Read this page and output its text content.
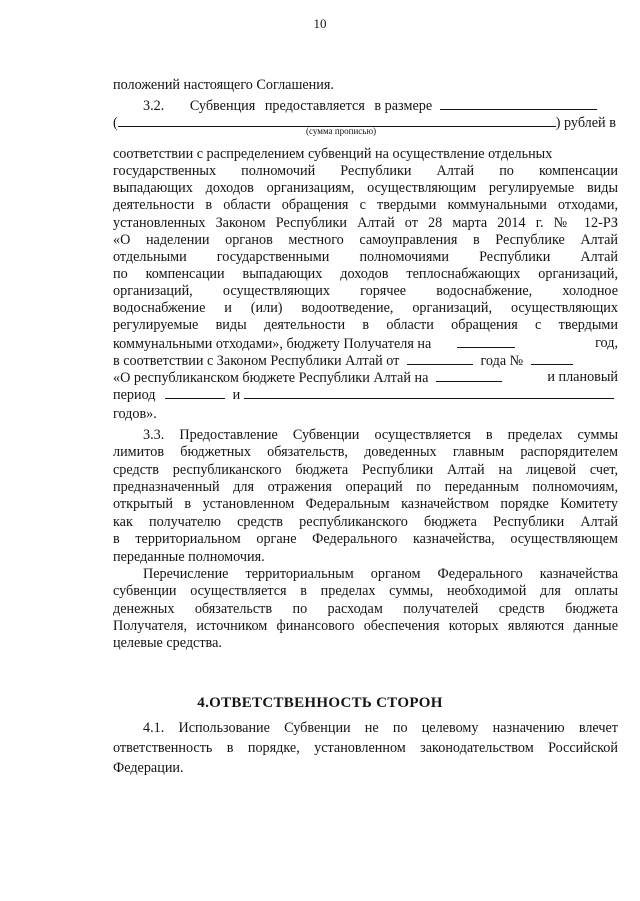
10
положений настоящего Соглашения.
3.2. Субвенция предоставляется в размере
(	) рублей в
(сумма прописью)
соответствии с распределением субвенций на осуществление отдельных
государственных полномочий Республики Алтай по компенсации
выпадающих доходов организациям, осуществляющим регулируемые виды
деятельности в области обращения с твердыми коммунальными отходами,
установленных Законом Республики Алтай от 28 марта 2014 г. № 12-РЗ
«О наделении органов местного самоуправления в Республике Алтай
отдельными государственными полномочиями Республики Алтай
по компенсации выпадающих доходов теплоснабжающих организаций,
организаций, осуществляющих горячее водоснабжение, холодное
водоснабжение и (или) водоотведение, организаций, осуществляющих
регулируемые виды деятельности в области обращения с твердыми
коммунальными отходами», бюджету Получателя на	год,
в соответствии с Законом Республики Алтай от	года №
«О республиканском бюджете Республики Алтай на	и плановый
период	и
годов».
3.3. Предоставление Субвенции осуществляется в пределах суммы
лимитов бюджетных обязательств, доведенных главным распорядителем
средств республиканского бюджета Республики Алтай на лицевой счет,
предназначенный для отражения операций по переданным полномочиям,
открытый в установленном Федеральным казначейством порядке Комитету
как получателю средств республиканского бюджета Республики Алтай
в территориальном органе Федерального казначейства, осуществляющем
переданные полномочия.
Перечисление территориальным органом Федерального казначейства
субвенции осуществляется в пределах суммы, необходимой для оплаты
денежных обязательств по расходам получателей средств бюджета
Получателя, источником финансового обеспечения которых являются данные
целевые средства.
4.ОТВЕТСТВЕННОСТЬ СТОРОН
4.1. Использование Субвенции не по целевому назначению влечет
ответственность в порядке, установленном законодательством Российской
Федерации.
